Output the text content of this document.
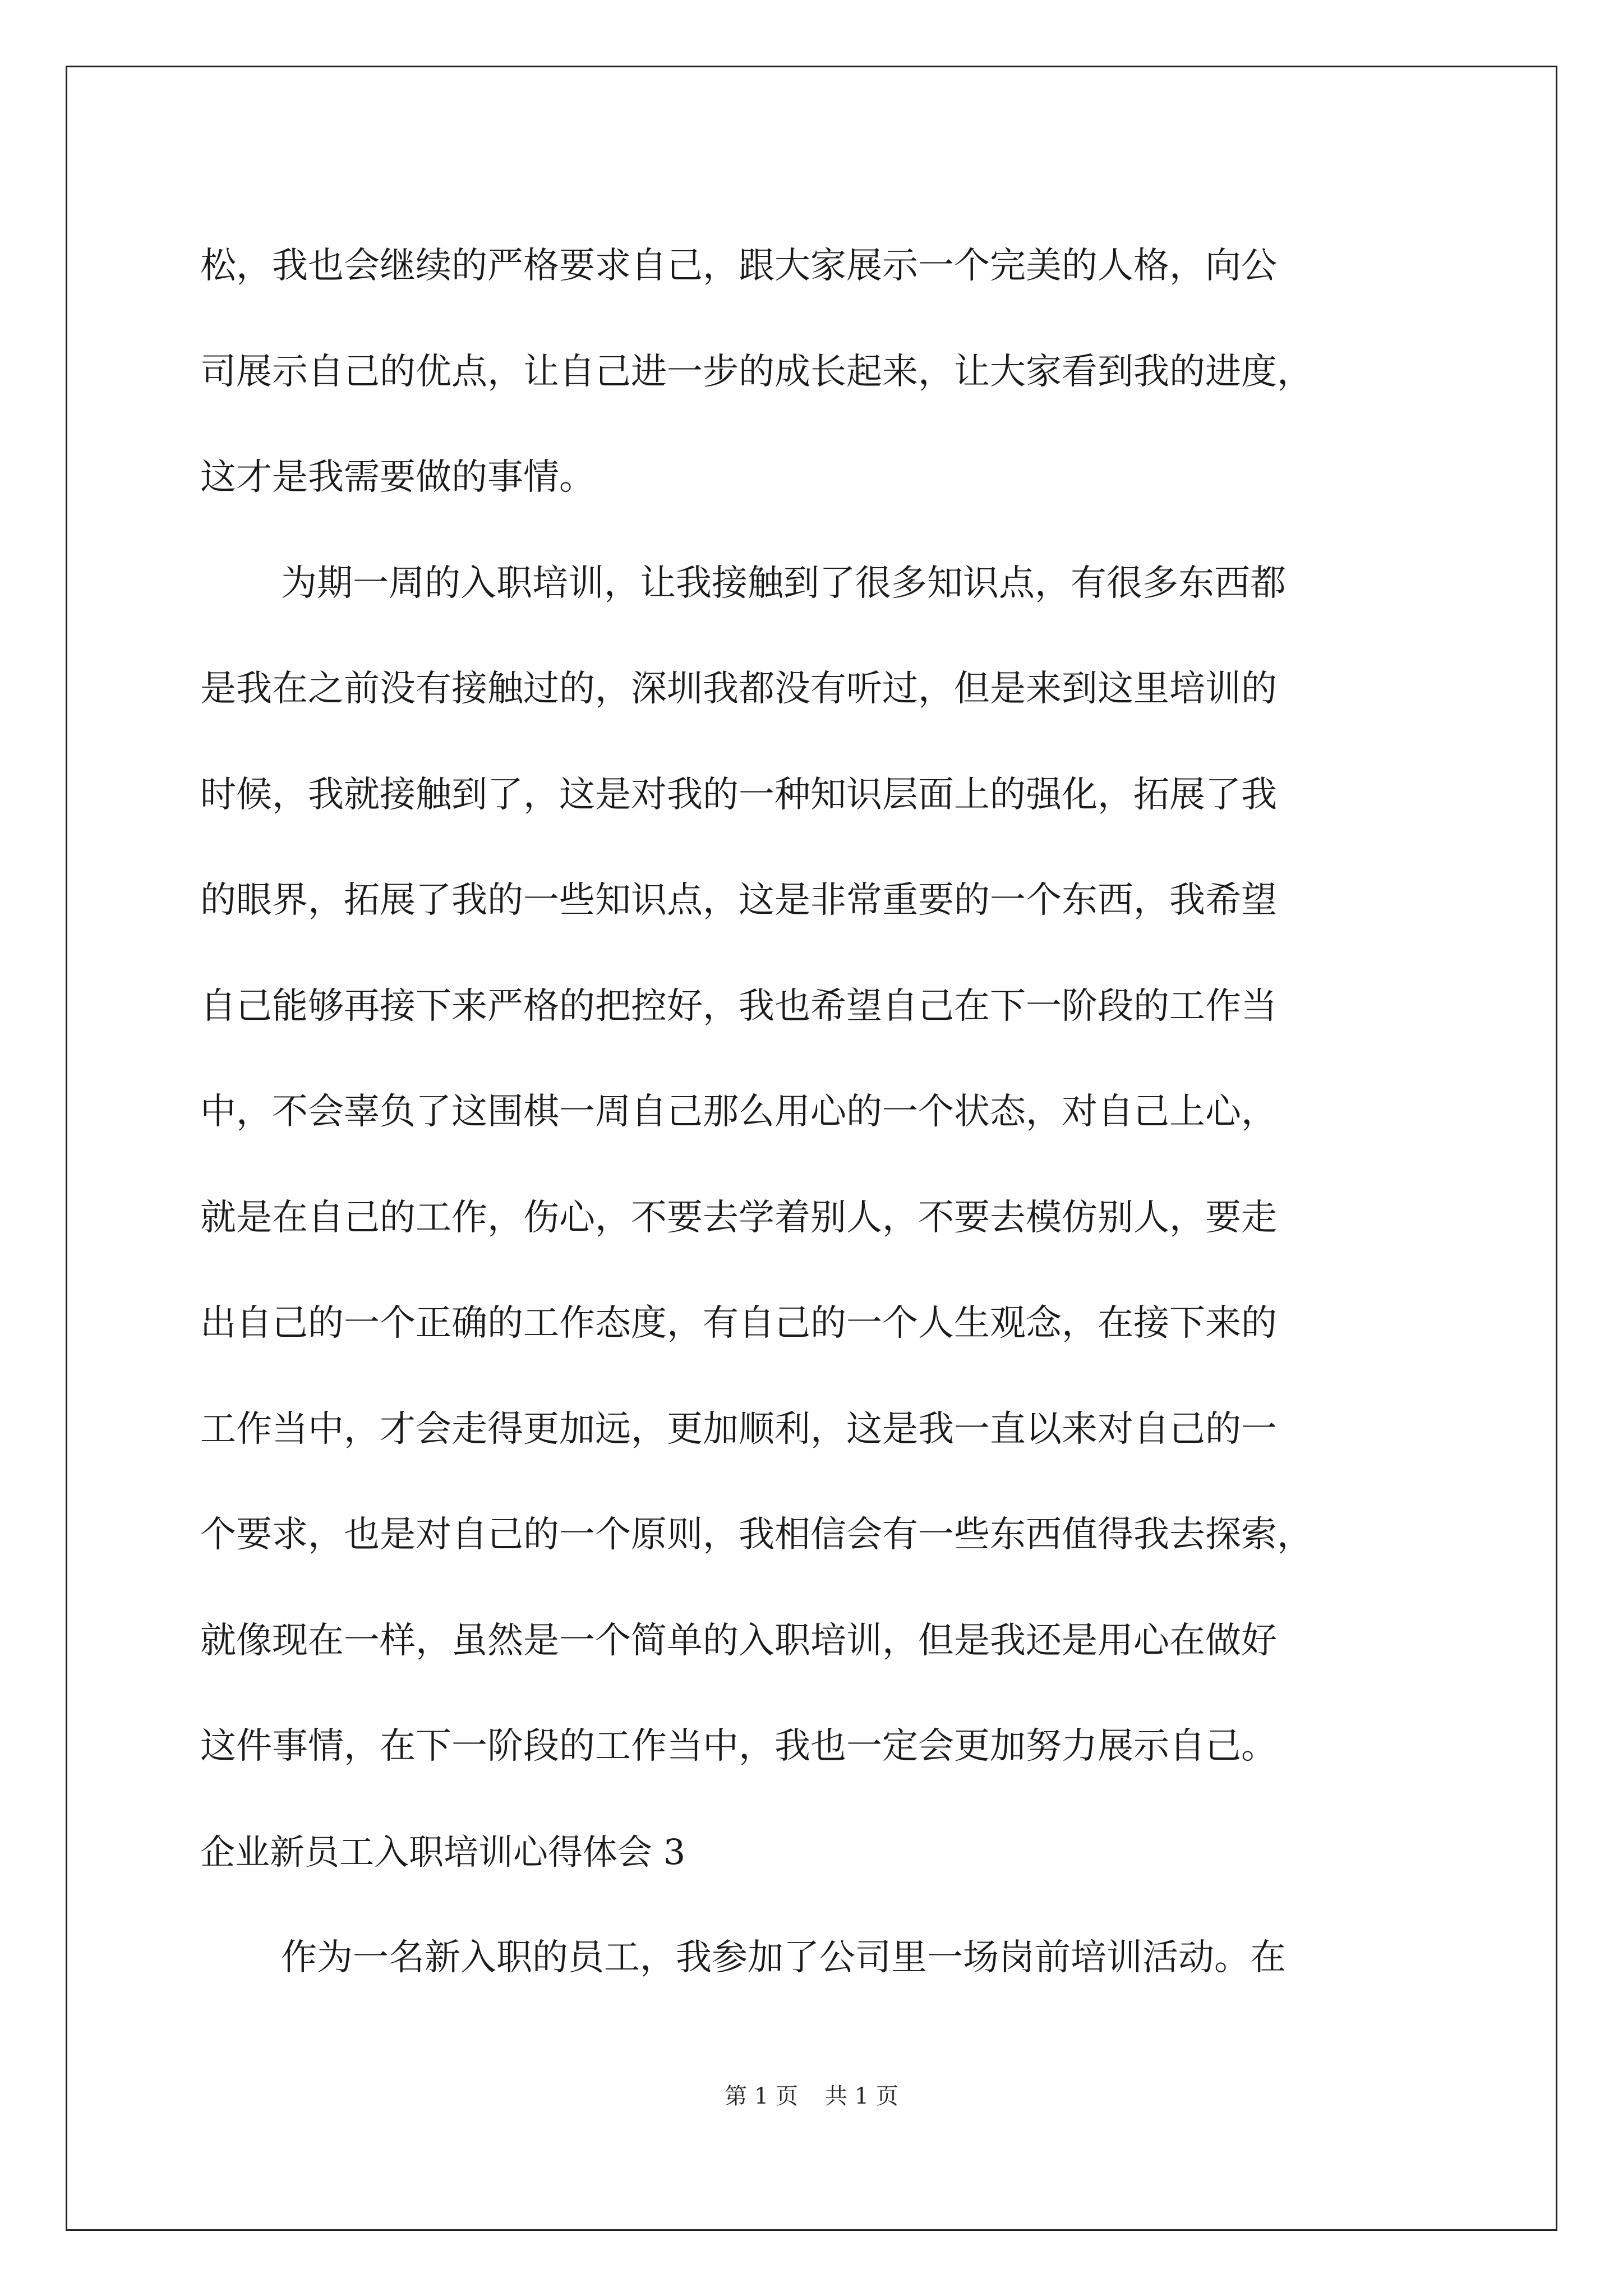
松，我也会继续的严格要求自己，跟大家展示一个完美的人格，向公
司展示自己的优点，让自己进一步的成长起来，让大家看到我的进度，
这才是我需要做的事情。
为期一周的入职培训，让我接触到了很多知识点，有很多东西都
是我在之前没有接触过的，深圳我都没有听过，但是来到这里培训的
时候，我就接触到了，这是对我的一种知识层面上的强化，拓展了我
的眼界，拓展了我的一些知识点，这是非常重要的一个东西，我希望
自己能够再接下来严格的把控好，我也希望自己在下一阶段的工作当
中，不会辜负了这围棋一周自己那么用心的一个状态，对自己上心，
就是在自己的工作，伤心，不要去学着别人，不要去模仿别人，要走
出自己的一个正确的工作态度，有自己的一个人生观念，在接下来的
工作当中，才会走得更加远，更加顺利，这是我一直以来对自己的一
个要求，也是对自己的一个原则，我相信会有一些东西值得我去探索，
就像现在一样，虽然是一个简单的入职培训，但是我还是用心在做好
这件事情，在下一阶段的工作当中，我也一定会更加努力展示自己。
企业新员工入职培训心得体会 3
作为一名新入职的员工，我参加了公司里一场岗前培训活动。在
第 1 页 共 1 页
